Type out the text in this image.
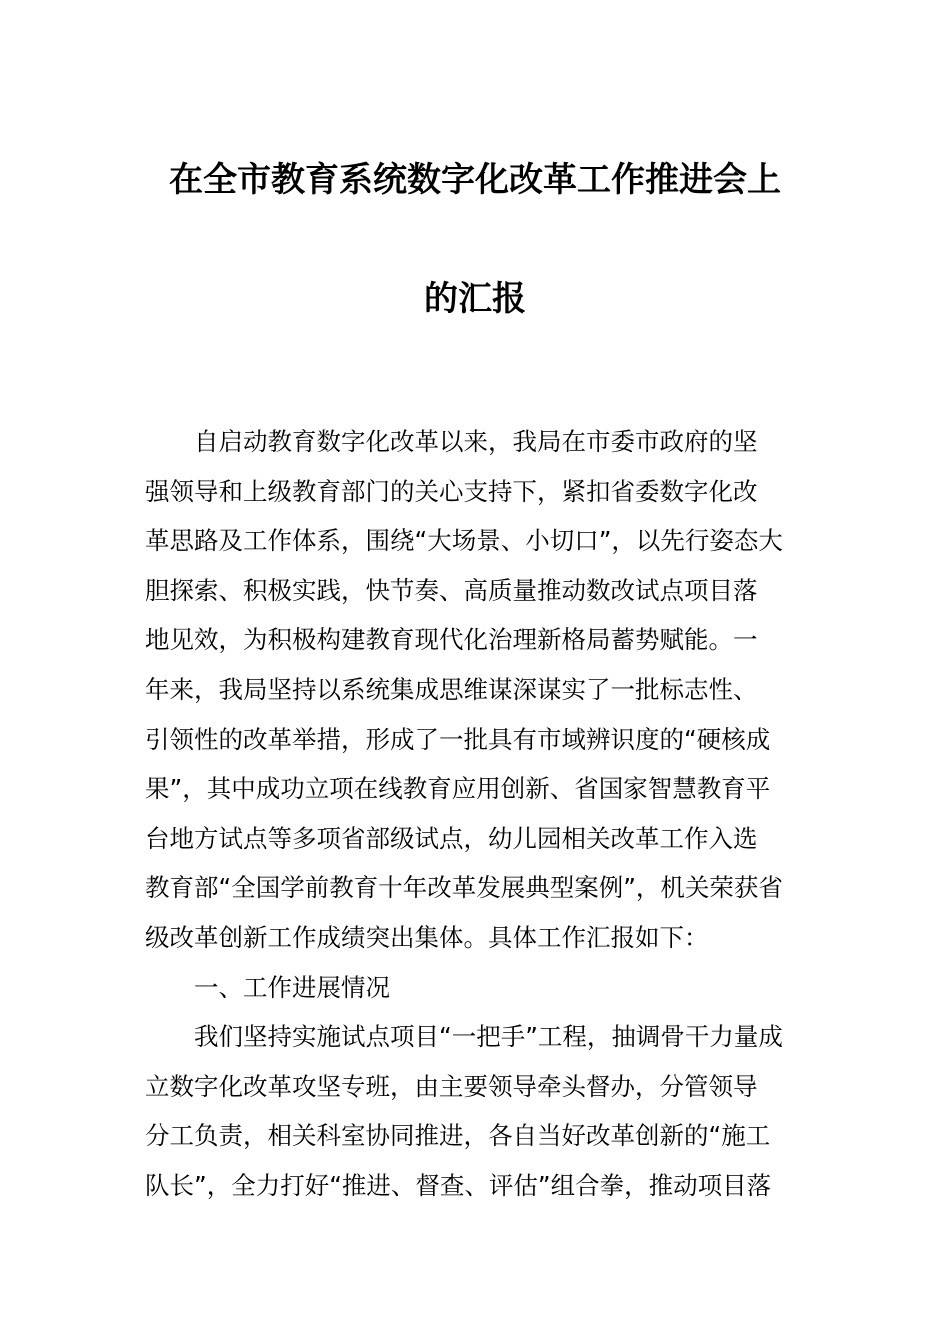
在全市教育系统数字化改革工作推进会上
的汇报
自启动教育数字化改革以来，我局在市委市政府的坚
强领导和上级教育部门的关心支持下，紧扣省委数字化改
革思路及工作体系，围绕“大场景、小切口”，以先行姿态大
胆探索、积极实践，快节奏、高质量推动数改试点项目落
地见效，为积极构建教育现代化治理新格局蓄势赋能。一
年来，我局坚持以系统集成思维谋深谋实了一批标志性、
引领性的改革举措，形成了一批具有市域辨识度的“硬核成
果”，其中成功立项在线教育应用创新、省国家智慧教育平
台地方试点等多项省部级试点，幼儿园相关改革工作入选
教育部“全国学前教育十年改革发展典型案例”，机关荣获省
级改革创新工作成绩突出集体。具体工作汇报如下：
一、工作进展情况
我们坚持实施试点项目“一把手”工程，抽调骨干力量成
立数字化改革攻坚专班，由主要领导牵头督办，分管领导
分工负责，相关科室协同推进，各自当好改革创新的“施工
队长”，全力打好“推进、督查、评估”组合拳，推动项目落
